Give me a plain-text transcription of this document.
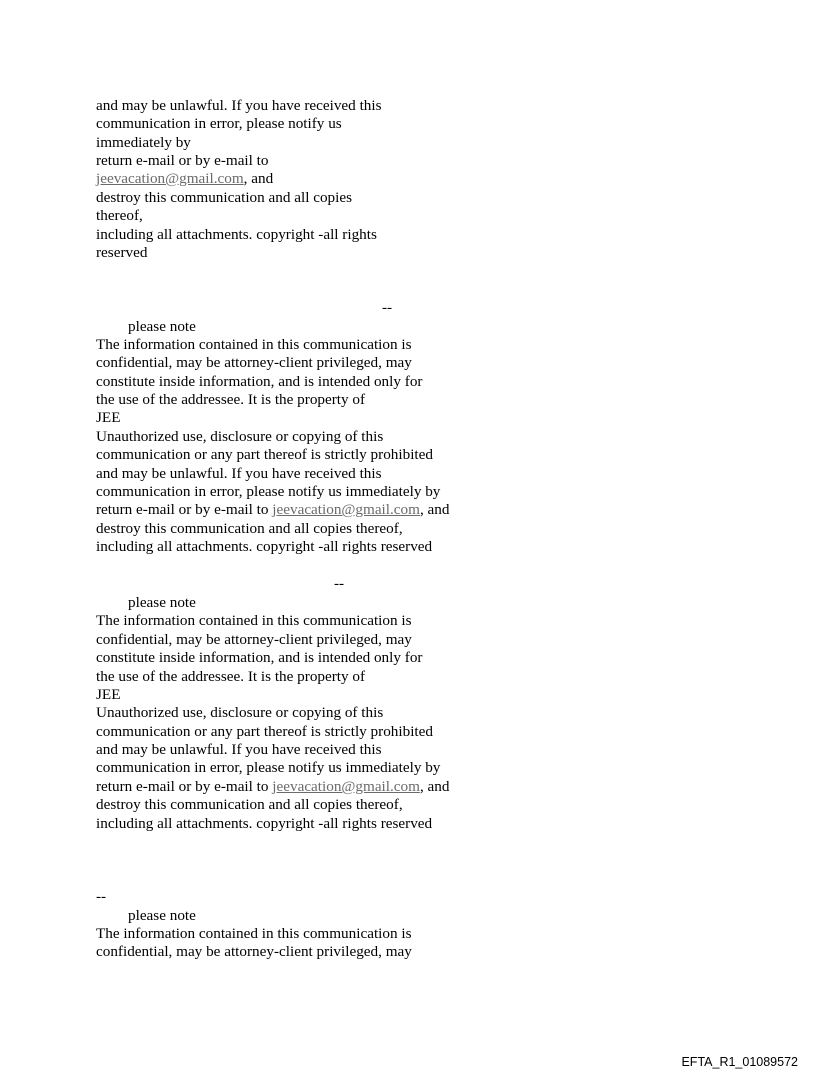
and may be unlawful. If you have received this
communication in error, please notify us
immediately by
return e-mail or by e-mail to
jeevacation@gmail.com, and
destroy this communication and all copies
thereof,
including all attachments. copyright -all rights
reserved
--
please note
The information contained in this communication is
confidential, may be attorney-client privileged, may
constitute inside information, and is intended only for
the use of the addressee. It is the property of
JEE
Unauthorized use, disclosure or copying of this
communication or any part thereof is strictly prohibited
and may be unlawful. If you have received this
communication in error, please notify us immediately by
return e-mail or by e-mail to jeevacation@gmail.com, and
destroy this communication and all copies thereof,
including all attachments. copyright -all rights reserved
--
please note
The information contained in this communication is
confidential, may be attorney-client privileged, may
constitute inside information, and is intended only for
the use of the addressee. It is the property of
JEE
Unauthorized use, disclosure or copying of this
communication or any part thereof is strictly prohibited
and may be unlawful. If you have received this
communication in error, please notify us immediately by
return e-mail or by e-mail to jeevacation@gmail.com, and
destroy this communication and all copies thereof,
including all attachments. copyright -all rights reserved
--
please note
The information contained in this communication is
confidential, may be attorney-client privileged, may
EFTA_R1_01089572
